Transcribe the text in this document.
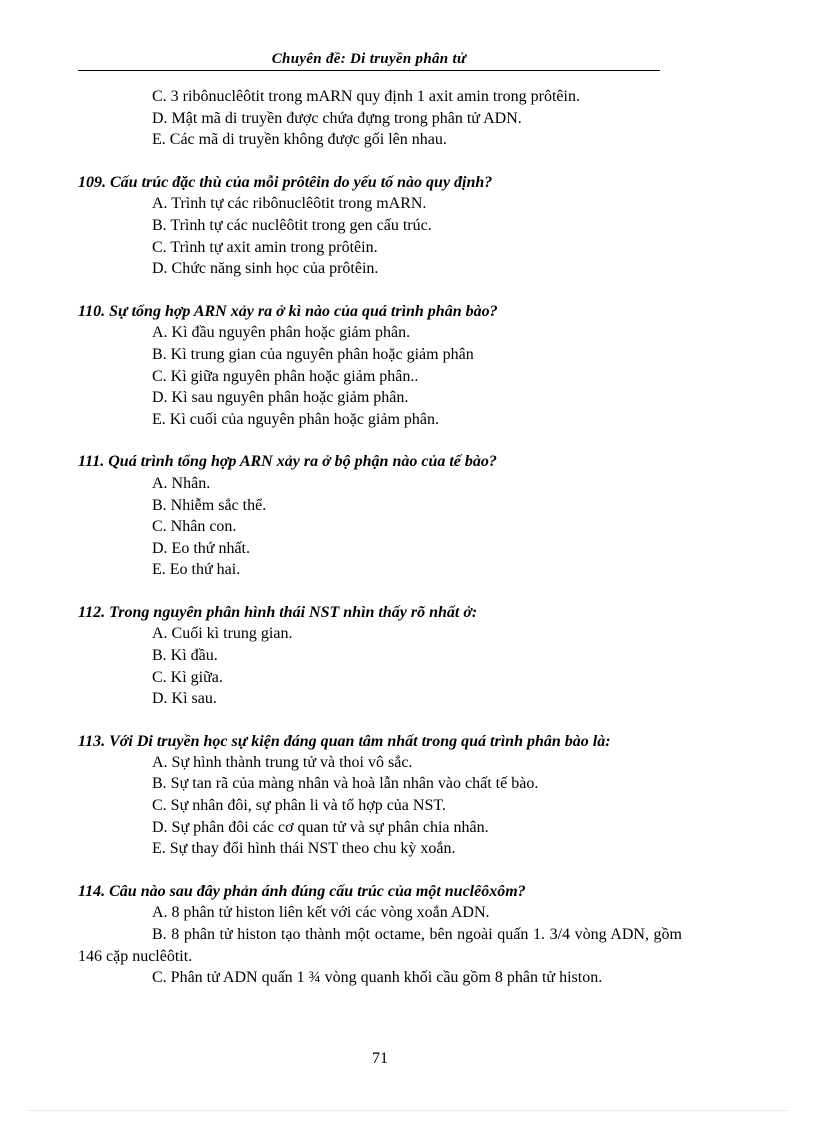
Chuyên đề: Di truyền phân tử
C. 3 ribônuclêôtit trong mARN quy định 1 axit amin trong prôtêin.
D. Mật mã di truyền được chứa đựng trong phân tử ADN.
E. Các mã di truyền không được gối lên nhau.
109. Cấu trúc đặc thù của mỗi prôtêin do yếu tố nào quy định?
A. Trình tự các ribônuclêôtit trong mARN.
B. Trình tự các nuclêôtit trong gen cấu trúc.
C. Trình tự axit amin trong prôtêin.
D. Chức năng sinh học của prôtêin.
110. Sự tổng hợp ARN xảy ra ở kì nào của quá trình phân bào?
A. Kì đầu nguyên phân hoặc giảm phân.
B. Kì trung gian của nguyên phân hoặc giảm phân
C. Kì giữa nguyên phân hoặc giảm phân..
D. Kì sau nguyên phân hoặc giảm phân.
E. Kì cuối của nguyên phân hoặc giảm phân.
111. Quá trình tổng hợp ARN xảy ra ở bộ phận nào của tế bào?
A. Nhân.
B. Nhiễm sắc thể.
C. Nhân con.
D. Eo thứ nhất.
E. Eo thứ hai.
112. Trong nguyên phân hình thái NST nhìn thấy rõ nhất ở:
A. Cuối kì trung gian.
B. Kì đầu.
C. Kì giữa.
D. Kì sau.
113. Với Di truyền học sự kiện đáng quan tâm nhất trong quá trình phân bào là:
A. Sự hình thành trung tử và thoi vô sắc.
B. Sự tan rã của màng nhân và hoà lẫn nhân vào chất tế bào.
C. Sự nhân đôi, sự phân li và tổ hợp của NST.
D. Sự phân đôi các cơ quan tử và sự phân chia nhân.
E. Sự thay đổi hình thái NST theo chu kỳ xoắn.
114. Câu nào sau đây phản ánh đúng cấu trúc của một nuclêôxôm?
A. 8 phân tử histon liên kết với các vòng xoắn ADN.
B. 8 phân tử histon tạo thành một octame, bên ngoài quấn 1. 3/4 vòng ADN, gồm 146 cặp nuclêôtit.
C. Phân tử ADN quấn 1 ¾ vòng quanh khối cầu gồm 8 phân tử histon.
71
